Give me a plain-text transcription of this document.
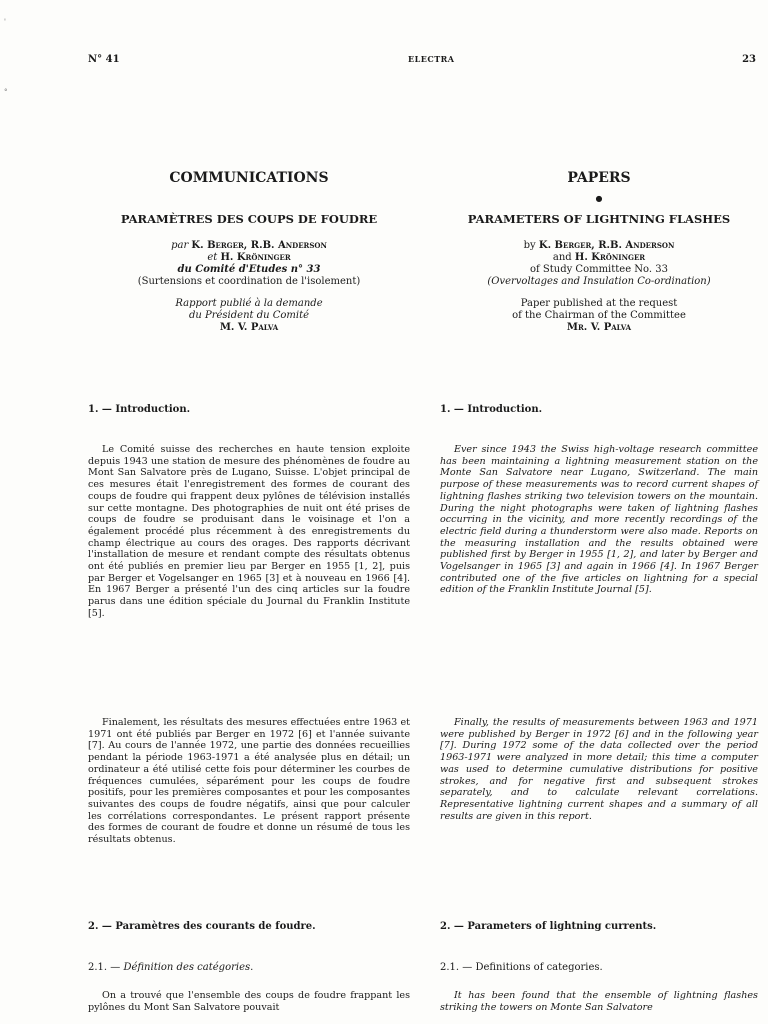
'
°
N° 41	ELECTRA	23
COMMUNICATIONS
PARAMÈTRES DES COUPS DE FOUDRE
par K. Berger, R.B. Anderson
et H. Kröninger
du Comité d'Etudes n° 33
(Surtensions et coordination de l'isolement)
Rapport publié à la demande
du Président du Comité
M. V. Palva
1. — Introduction.

Le Comité suisse des recherches en haute tension exploite depuis 1943 une station de mesure des phénomènes de foudre au Mont San Salvatore près de Lugano, Suisse. L'objet principal de ces mesures était l'enregistrement des formes de courant des coups de foudre qui frappent deux pylônes de télévision installés sur cette montagne. Des photographies de nuit ont été prises de coups de foudre se produisant dans le voisinage et l'on a également procédé plus récemment à des enregistrements du champ électrique au cours des orages. Des rapports décrivant l'installation de mesure et rendant compte des résultats obtenus ont été publiés en premier lieu par Berger en 1955 [1, 2], puis par Berger et Vogelsanger en 1965 [3] et à nouveau en 1966 [4]. En 1967 Berger a présenté l'un des cinq articles sur la foudre parus dans une édition spéciale du Journal du Franklin Institute [5].

Finalement, les résultats des mesures effectuées entre 1963 et 1971 ont été publiés par Berger en 1972 [6] et l'année suivante [7]. Au cours de l'année 1972, une partie des données recueillies pendant la période 1963-1971 a été analysée plus en détail; un ordinateur a été utilisé cette fois pour déterminer les courbes de fréquences cumulées, séparément pour les coups de foudre positifs, pour les premières composantes et pour les composantes suivantes des coups de foudre négatifs, ainsi que pour calculer les corrélations correspondantes. Le présent rapport présente des formes de courant de foudre et donne un résumé de tous les résultats obtenus.

2. — Paramètres des courants de foudre.
2.1. — Définition des catégories.

On a trouvé que l'ensemble des coups de foudre frappant les pylônes du Mont San Salvatore pouvait

PAPERS
●
PARAMETERS OF LIGHTNING FLASHES
by K. Berger, R.B. Anderson
and H. Kröninger
of Study Committee No. 33
(Overvoltages and Insulation Co-ordination)
Paper published at the request
of the Chairman of the Committee
Mr. V. Palva
1. — Introduction.

Ever since 1943 the Swiss high-voltage research committee has been maintaining a lightning measurement station on the Monte San Salvatore near Lugano, Switzerland. The main purpose of these measurements was to record current shapes of lightning flashes striking two television towers on the mountain. During the night photographs were taken of lightning flashes occurring in the vicinity, and more recently recordings of the electric field during a thunderstorm were also made. Reports on the measuring installation and the results obtained were published first by Berger in 1955 [1, 2], and later by Berger and Vogelsanger in 1965 [3] and again in 1966 [4]. In 1967 Berger contributed one of the five articles on lightning for a special edition of the Franklin Institute Journal [5].

Finally, the results of measurements between 1963 and 1971 were published by Berger in 1972 [6] and in the following year [7]. During 1972 some of the data collected over the period 1963-1971 were analyzed in more detail; this time a computer was used to determine cumulative distributions for positive strokes, and for negative first and subsequent strokes separately, and to calculate relevant correlations. Representative lightning current shapes and a summary of all results are given in this report.

2. — Parameters of lightning currents.
2.1. — Definitions of categories.

It has been found that the ensemble of lightning flashes striking the towers on Monte San Salvatore
